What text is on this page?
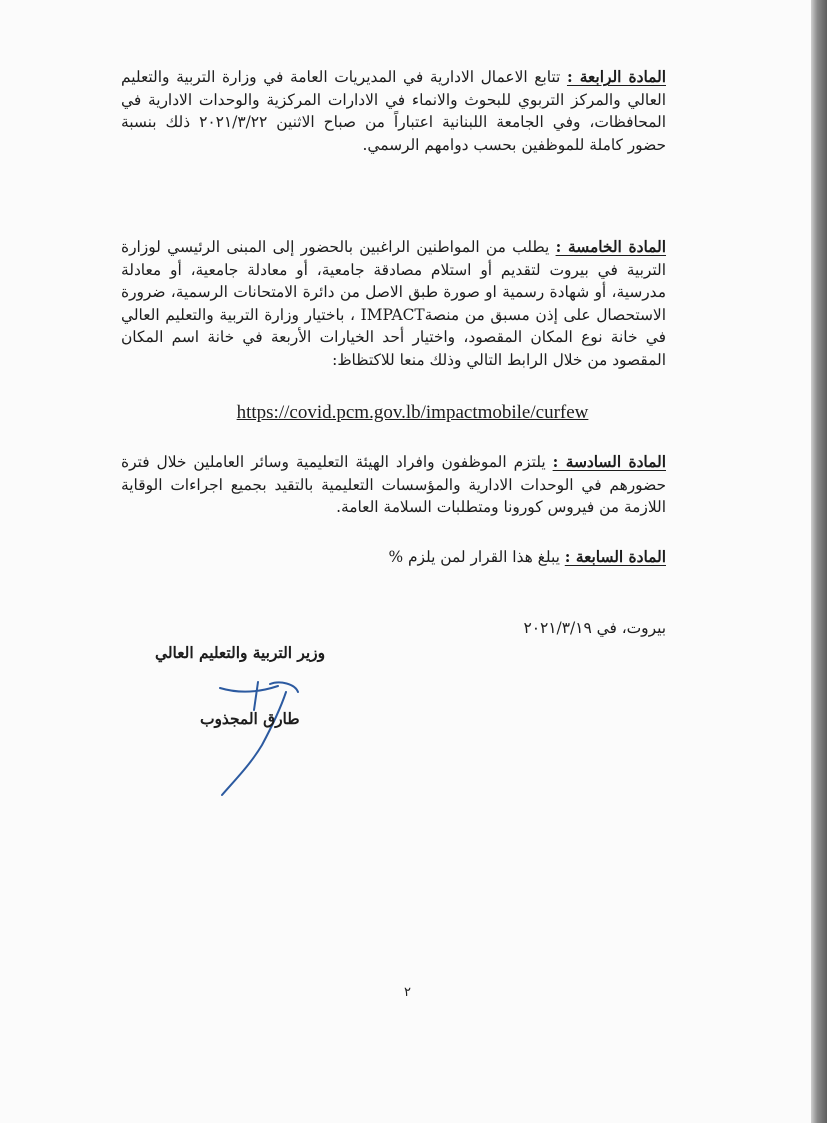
المادة الرابعة : تتابع الاعمال الادارية في المديريات العامة في وزارة التربية والتعليم العالي والمركز التربوي للبحوث والانماء في الادارات المركزية والوحدات الادارية في المحافظات، وفي الجامعة اللبنانية اعتباراً من صباح الاثنين ٢٠٢١/٣/٢٢ ذلك بنسبة حضور كاملة للموظفين بحسب دوامهم الرسمي.
المادة الخامسة : يطلب من المواطنين الراغبين بالحضور إلى المبنى الرئيسي لوزارة التربية في بيروت لتقديم أو استلام مصادقة جامعية، أو معادلة جامعية، أو معادلة مدرسية، أو شهادة رسمية او صورة طبق الاصل من دائرة الامتحانات الرسمية، ضرورة الاستحصال على إذن مسبق من منصةIMPACT ، باختيار وزارة التربية والتعليم العالي في خانة نوع المكان المقصود، واختيار أحد الخيارات الأربعة في خانة اسم المكان المقصود من خلال الرابط التالي وذلك منعا للاكتظاظ:
https://covid.pcm.gov.lb/impactmobile/curfew
المادة السادسة : يلتزم الموظفون وافراد الهيئة التعليمية وسائر العاملين خلال فترة حضورهم في الوحدات الادارية والمؤسسات التعليمية بالتقيد بجميع اجراءات الوقاية اللازمة من فيروس كورونا ومتطلبات السلامة العامة.
المادة السابعة : يبلغ هذا القرار لمن يلزم %
بيروت، في ٢٠٢١/٣/١٩
وزير التربية والتعليم العالي
طارق المجذوب
٢
